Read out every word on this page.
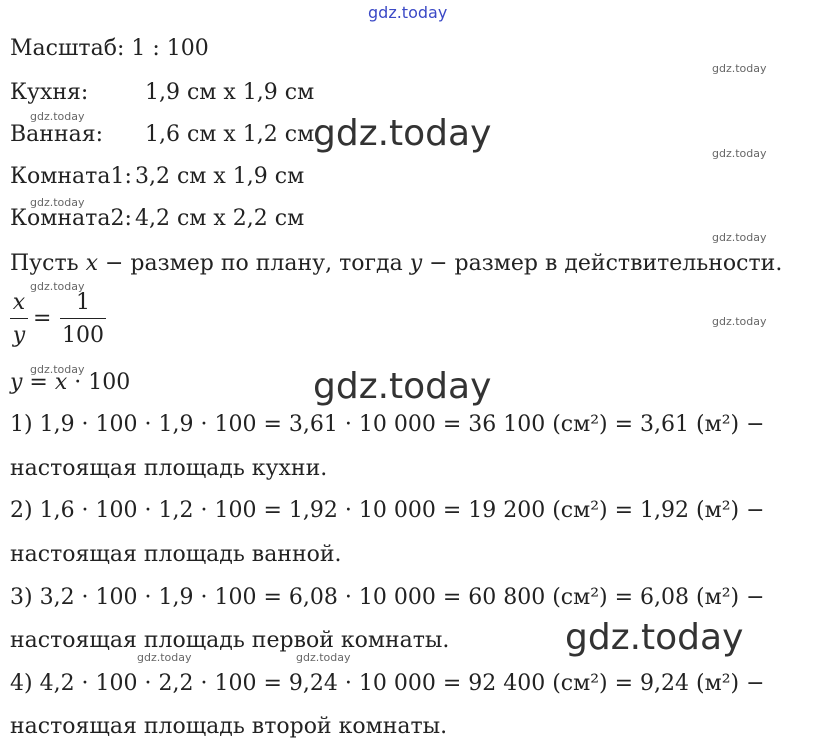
gdz.today
gdz.today
gdz.today
gdz.today
gdz.today
gdz.today
gdz.today
gdz.today
gdz.today
gdz.today	gdz.today
gdz.today
gdz.today
gdz.today
Масштаб: 1 : 100
Кухня:	1,9 см х 1,9 см
Ванная: 1,6 см х 1,2 см
Комната1: 3,2 см х 1,9 см
Комната2: 4,2 см х 2,2 см
Пусть x − размер по плану, тогда y − размер в действительности.
x
y
=
1
100
y = x · 100
1) 1,9 · 100 · 1,9 · 100 = 3,61 · 10 000 = 36 100 (см²) = 3,61 (м²) −
настоящая площадь кухни.
2) 1,6 · 100 · 1,2 · 100 = 1,92 · 10 000 = 19 200 (см²) = 1,92 (м²) −
настоящая площадь ванной.
3) 3,2 · 100 · 1,9 · 100 = 6,08 · 10 000 = 60 800 (см²) = 6,08 (м²) −
настоящая площадь первой комнаты.
4) 4,2 · 100 · 2,2 · 100 = 9,24 · 10 000 = 92 400 (см²) = 9,24 (м²) −
настоящая площадь второй комнаты.
